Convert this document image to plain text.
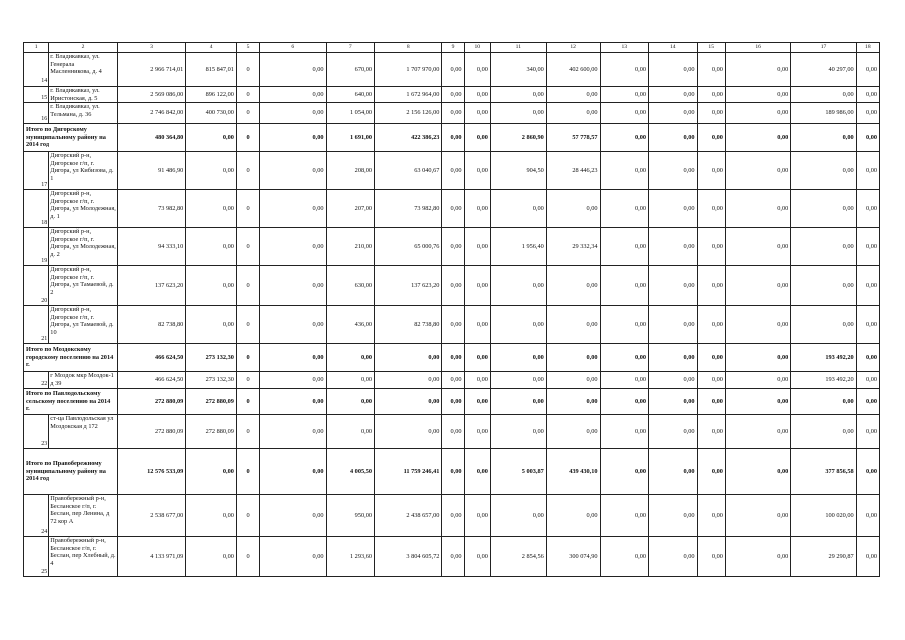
1	2	3	4	5	6	7	8	9	10	11	12	13	14	15	16	17	18
14	г. Владикавказ, ул. Генерала Масленникова, д. 4	2 966 714,01	815 847,01	0	0,00	670,00	1 707 970,00	0,00	0,00	340,00	402 600,00	0,00	0,00	0,00	0,00	40 297,00	0,00
15	г. Владикавказ, ул. Иристонская, д. 5	2 569 086,00	896 122,00	0	0,00	640,00	1 672 964,00	0,00	0,00	0,00	0,00	0,00	0,00	0,00	0,00	0,00	0,00
16	г. Владикавказ, ул. Тельмана, д. 36	2 746 842,00	400 730,00	0	0,00	1 054,00	2 156 126,00	0,00	0,00	0,00	0,00	0,00	0,00	0,00	0,00	189 986,00	0,00
Итого по Дигорскому муниципальному району на 2014 год		480 364,80	0,00	0	0,00	1 691,00	422 386,23	0,00	0,00	2 860,90	57 778,57	0,00	0,00	0,00	0,00	0,00	0,00
17	Дигорский р-н, Дигорское г/п, г. Дигора, ул Кибизова, д. 1	91 486,90	0,00	0	0,00	208,00	63 040,67	0,00	0,00	904,50	28 446,23	0,00	0,00	0,00	0,00	0,00	0,00
18	Дигорский р-н, Дигорское г/п, г. Дигора, ул Молодежная, д. 1	73 982,80	0,00	0	0,00	207,00	73 982,80	0,00	0,00	0,00	0,00	0,00	0,00	0,00	0,00	0,00	0,00
19	Дигорский р-н, Дигорское г/п, г. Дигора, ул Молодежная, д. 2	94 333,10	0,00	0	0,00	210,00	65 000,76	0,00	0,00	1 956,40	29 332,34	0,00	0,00	0,00	0,00	0,00	0,00
20	Дигорский р-н, Дигорское г/п, г. Дигора, ул Тамаевой, д. 2	137 623,20	0,00	0	0,00	630,00	137 623,20	0,00	0,00	0,00	0,00	0,00	0,00	0,00	0,00	0,00	0,00
21	Дигорский р-н, Дигорское г/п, г. Дигора, ул Тамаевой, д. 10	82 738,80	0,00	0	0,00	436,00	82 738,80	0,00	0,00	0,00	0,00	0,00	0,00	0,00	0,00	0,00	0,00
Итого по Моздокскому городскому поселению на 2014 г.		466 624,50	273 132,30	0	0,00	0,00	0,00	0,00	0,00	0,00	0,00	0,00	0,00	0,00	0,00	193 492,20	0,00
22	г Моздок мкр Моздок-1 д 39	466 624,50	273 132,30	0	0,00	0,00	0,00	0,00	0,00	0,00	0,00	0,00	0,00	0,00	0,00	193 492,20	0,00
Итого по Павлодольскому сельскому поселению на 2014 г.		272 880,09	272 880,09	0	0,00	0,00	0,00	0,00	0,00	0,00	0,00	0,00	0,00	0,00	0,00	0,00	0,00
23	ст-ца Павлодольская ул Моздокская д 172	272 880,09	272 880,09	0	0,00	0,00	0,00	0,00	0,00	0,00	0,00	0,00	0,00	0,00	0,00	0,00	0,00
Итого по Правобережному муниципальному району на 2014 год		12 576 533,09	0,00	0	0,00	4 005,50	11 759 246,41	0,00	0,00	5 003,87	439 430,10	0,00	0,00	0,00	0,00	377 856,58	0,00
24	Правобережный р-н, Бесланское г/п, г. Беслан, пер Ленина, д 72 кор А	2 538 677,00	0,00	0	0,00	950,00	2 438 657,00	0,00	0,00	0,00	0,00	0,00	0,00	0,00	0,00	100 020,00	0,00
25	Правобережный р-н, Бесланское г/п, г. Беслан, пер Хлебный, д. 4	4 133 971,09	0,00	0	0,00	1 293,60	3 804 605,72	0,00	0,00	2 854,56	300 074,90	0,00	0,00	0,00	0,00	29 290,87	0,00
